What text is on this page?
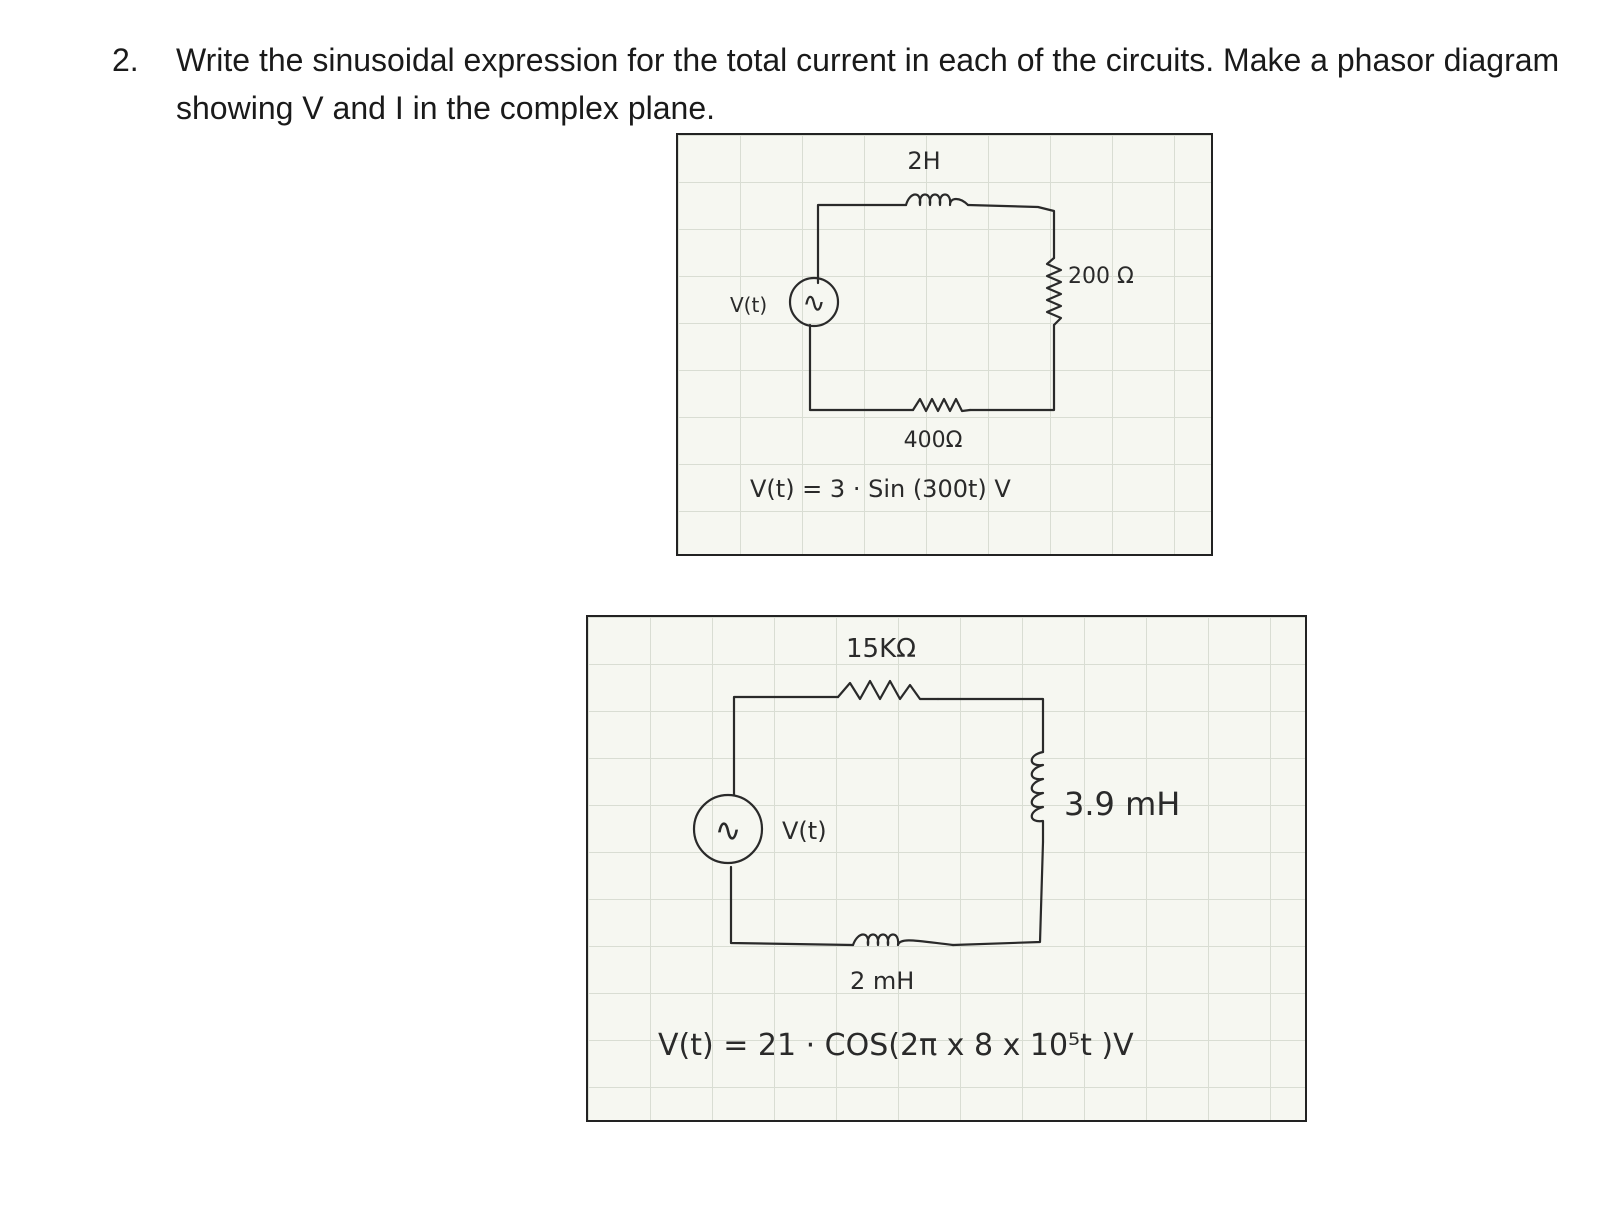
2. Write the sinusoidal expression for the total current in each of the circuits. Make a phasor diagram showing V and I in the complex plane.
∿
2H
200 Ω
400Ω
V(t)
V(t) = 3 · Sin (300t) V
∿
15KΩ
3.9 mH
2 mH
V(t)
V(t) = 21 · COS(2π x 8 x 10⁵t )V
